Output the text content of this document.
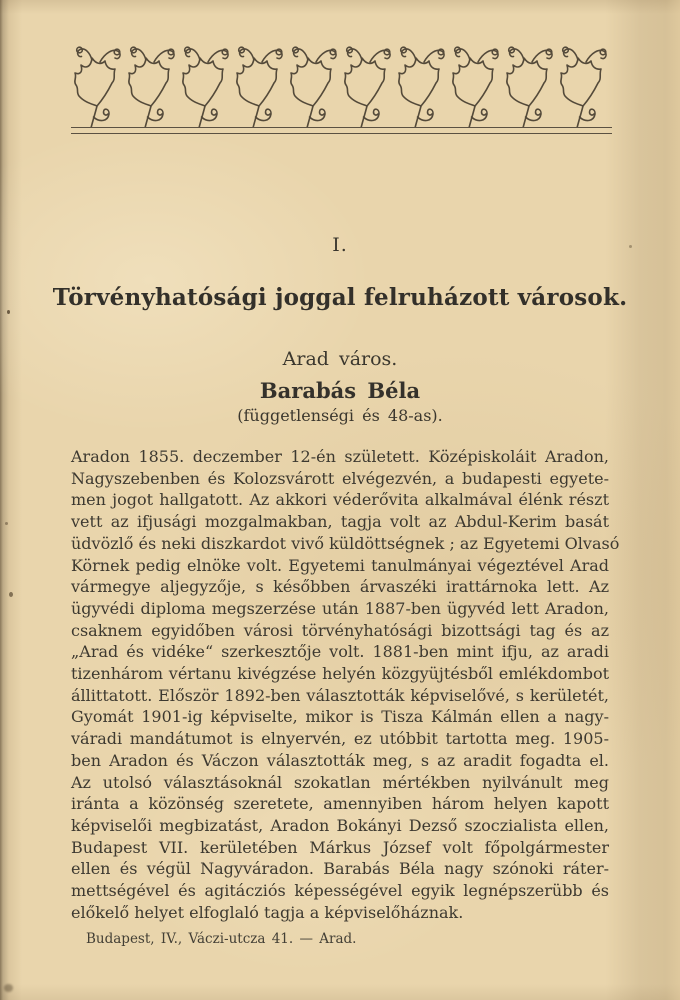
I.
Törvényhatósági joggal felruházott városok.
Arad város.
Barabás Béla
(függetlenségi és 48-as).
Aradon 1855. deczember 12-én született. Középiskoláit Aradon,
Nagyszebenben és Kolozsvárott elvégezvén, a budapesti egyete-
men jogot hallgatott. Az akkori véderővita alkalmával élénk részt
vett az ifjusági mozgalmakban, tagja volt az Abdul-Kerim basát
üdvözlő és neki diszkardot vivő küldöttségnek ; az Egyetemi Olvasó
Körnek pedig elnöke volt. Egyetemi tanulmányai végeztével Arad
vármegye aljegyzője, s későbben árvaszéki irattárnoka lett. Az
ügyvédi diploma megszerzése után 1887-ben ügyvéd lett Aradon,
csaknem egyidőben városi törvényhatósági bizottsági tag és az
„Arad és vidéke“ szerkesztője volt. 1881-ben mint ifju, az aradi
tizenhárom vértanu kivégzése helyén közgyüjtésből emlékdombot
állittatott. Először 1892-ben választották képviselővé, s kerületét,
Gyomát 1901-ig képviselte, mikor is Tisza Kálmán ellen a nagy-
váradi mandátumot is elnyervén, ez utóbbit tartotta meg. 1905-
ben Aradon és Váczon választották meg, s az aradit fogadta el.
Az utolsó választásoknál szokatlan mértékben nyilvánult meg
iránta a közönség szeretete, amennyiben három helyen kapott
képviselői megbizatást, Aradon Bokányi Dezső szoczialista ellen,
Budapest VII. kerületében Márkus József volt főpolgármester
ellen és végül Nagyváradon. Barabás Béla nagy szónoki ráter-
mettségével és agitácziós képességével egyik legnépszerübb és
előkelő helyet elfoglaló tagja a képviselőháznak.
Budapest, IV., Váczi-utcza 41. — Arad.
